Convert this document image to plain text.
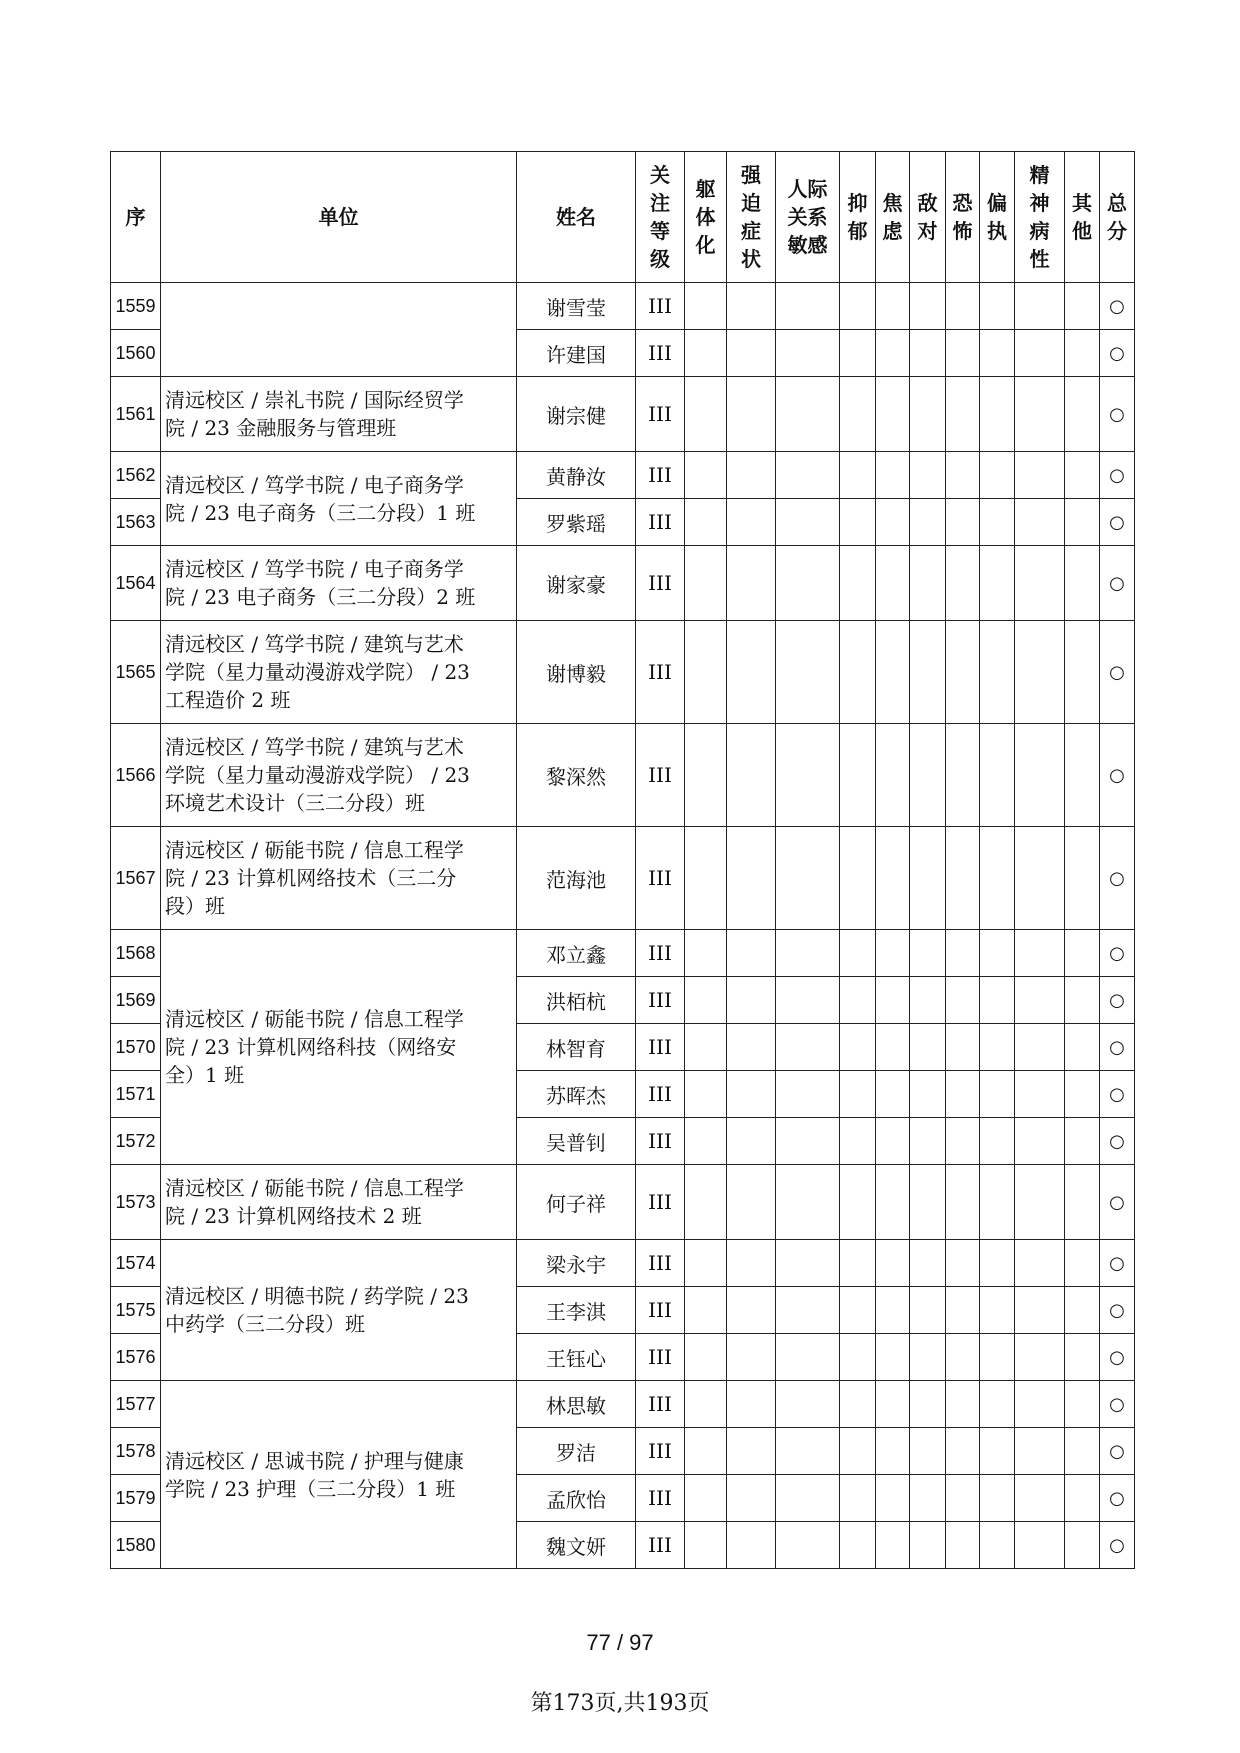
序	单位	姓名	关
注
等
级	躯
体
化	强
迫
症
状	人际
关系
敏感	抑
郁	焦
虑	敌
对	恐
怖	偏
执	精
神
病
性	其
他	总
分

1559		谢雪莹	III											○
1560		许建国	III											○
1561	清远校区 / 崇礼书院 / 国际经贸学
院 / 23 金融服务与管理班	谢宗健	III											○
1562	清远校区 / 笃学书院 / 电子商务学
院 / 23 电子商务（三二分段）1 班	黄静汝	III											○
1563		罗紫瑶	III											○
1564	清远校区 / 笃学书院 / 电子商务学
院 / 23 电子商务（三二分段）2 班	谢家豪	III											○
1565	清远校区 / 笃学书院 / 建筑与艺术
学院（星力量动漫游戏学院） / 23
工程造价 2 班	谢博毅	III											○
1566	清远校区 / 笃学书院 / 建筑与艺术
学院（星力量动漫游戏学院） / 23
环境艺术设计（三二分段）班	黎深然	III											○
1567	清远校区 / 砺能书院 / 信息工程学
院 / 23 计算机网络技术（三二分
段）班	范海池	III											○
1568	清远校区 / 砺能书院 / 信息工程学
院 / 23 计算机网络科技（网络安
全）1 班	邓立鑫	III											○
1569		洪栢杭	III											○
1570		林智育	III											○
1571		苏晖杰	III											○
1572		吴普钊	III											○
1573	清远校区 / 砺能书院 / 信息工程学
院 / 23 计算机网络技术 2 班	何子祥	III											○
1574	清远校区 / 明德书院 / 药学院 / 23
中药学（三二分段）班	梁永宇	III											○
1575		王李淇	III											○
1576		王钰心	III											○
1577	清远校区 / 思诚书院 / 护理与健康
学院 / 23 护理（三二分段）1 班	林思敏	III											○
1578		罗洁	III											○
1579		孟欣怡	III											○
1580		魏文妍	III											○
77 / 97
第173页,共193页
